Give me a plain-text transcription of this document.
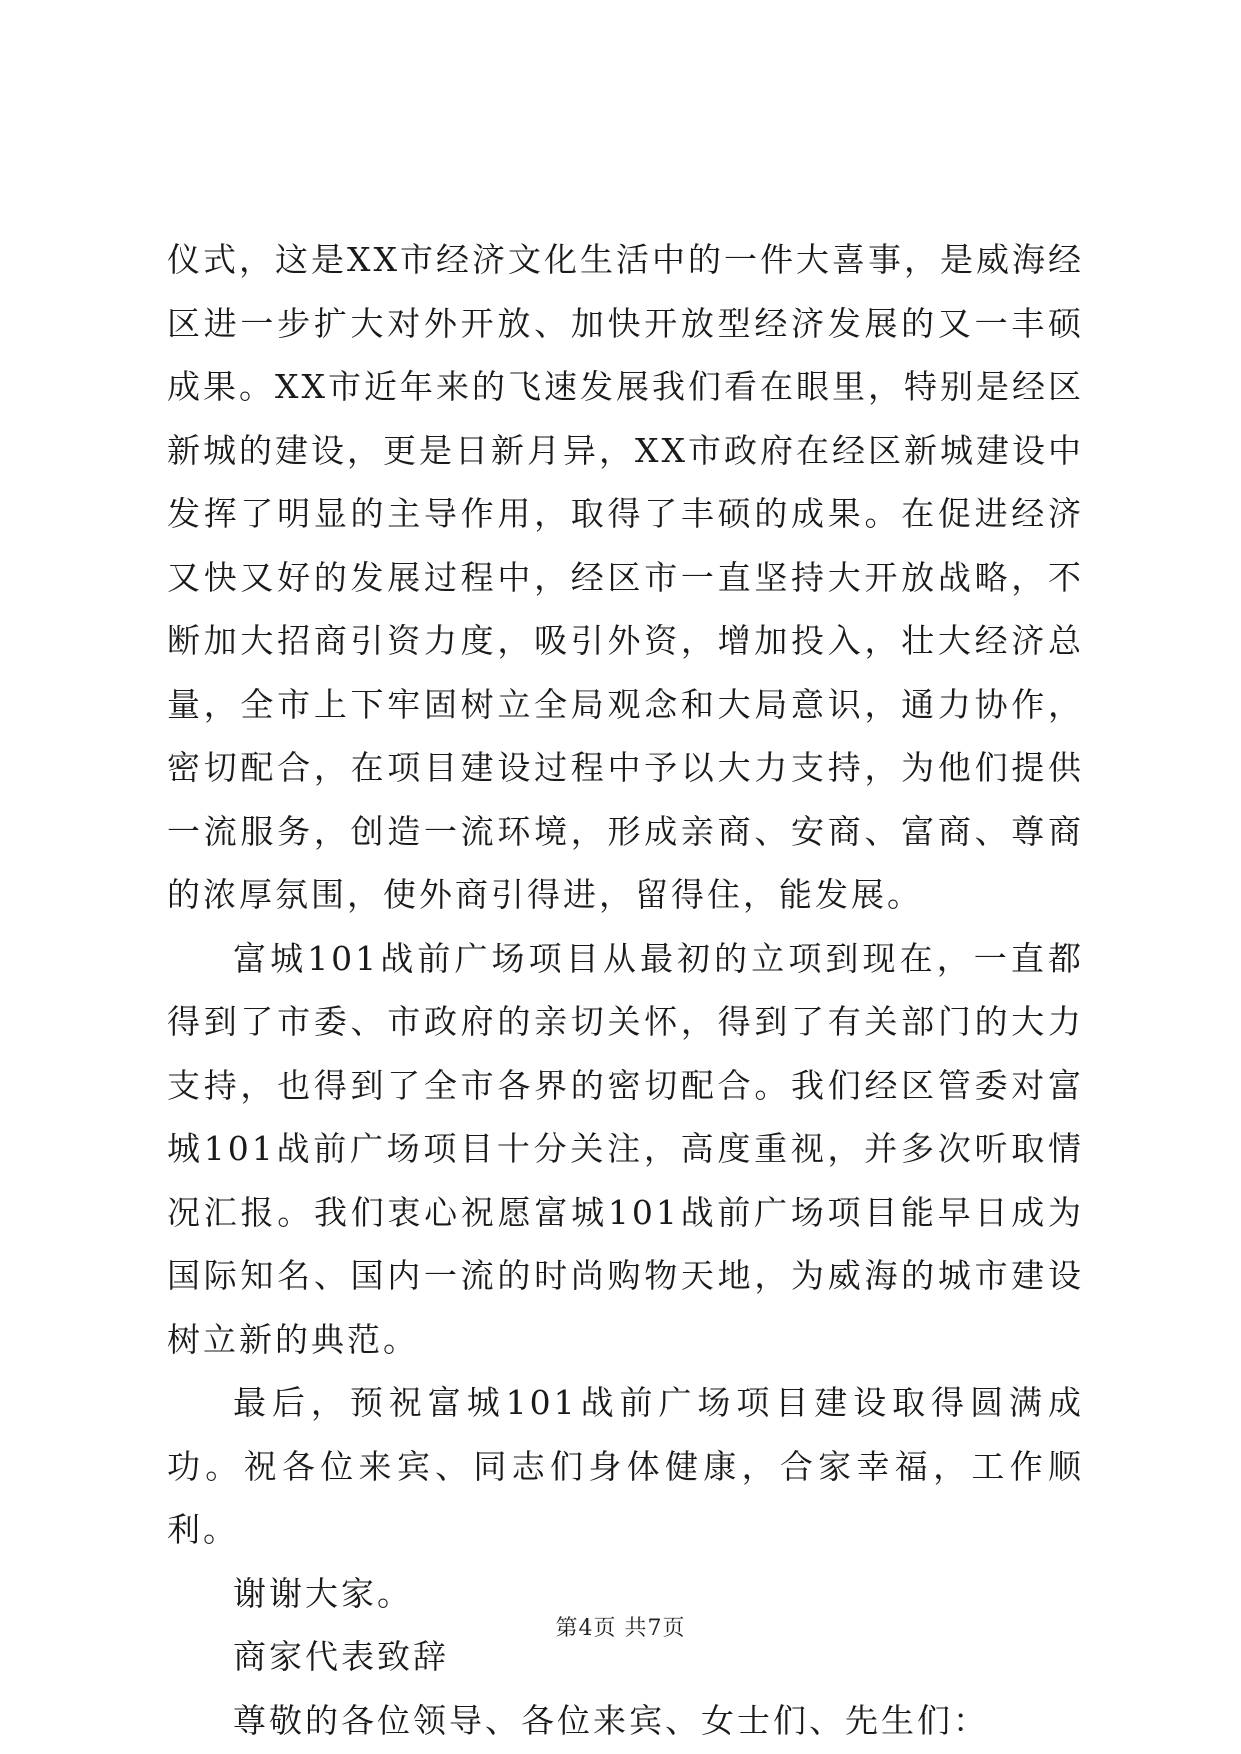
仪式，这是XX市经济文化生活中的一件大喜事，是威海经区进一步扩大对外开放、加快开放型经济发展的又一丰硕成果。XX市近年来的飞速发展我们看在眼里，特别是经区新城的建设，更是日新月异，XX市政府在经区新城建设中发挥了明显的主导作用，取得了丰硕的成果。在促进经济又快又好的发展过程中，经区市一直坚持大开放战略，不断加大招商引资力度，吸引外资，增加投入，壮大经济总量，全市上下牢固树立全局观念和大局意识，通力协作，密切配合，在项目建设过程中予以大力支持，为他们提供一流服务，创造一流环境，形成亲商、安商、富商、尊商的浓厚氛围，使外商引得进，留得住，能发展。

富城101战前广场项目从最初的立项到现在，一直都得到了市委、市政府的亲切关怀，得到了有关部门的大力支持，也得到了全市各界的密切配合。我们经区管委对富城101战前广场项目十分关注，高度重视，并多次听取情况汇报。我们衷心祝愿富城101战前广场项目能早日成为国际知名、国内一流的时尚购物天地，为威海的城市建设树立新的典范。

最后，预祝富城101战前广场项目建设取得圆满成功。祝各位来宾、同志们身体健康，合家幸福，工作顺利。

谢谢大家。

商家代表致辞

尊敬的各位领导、各位来宾、女士们、先生们：

第4页 共7页
